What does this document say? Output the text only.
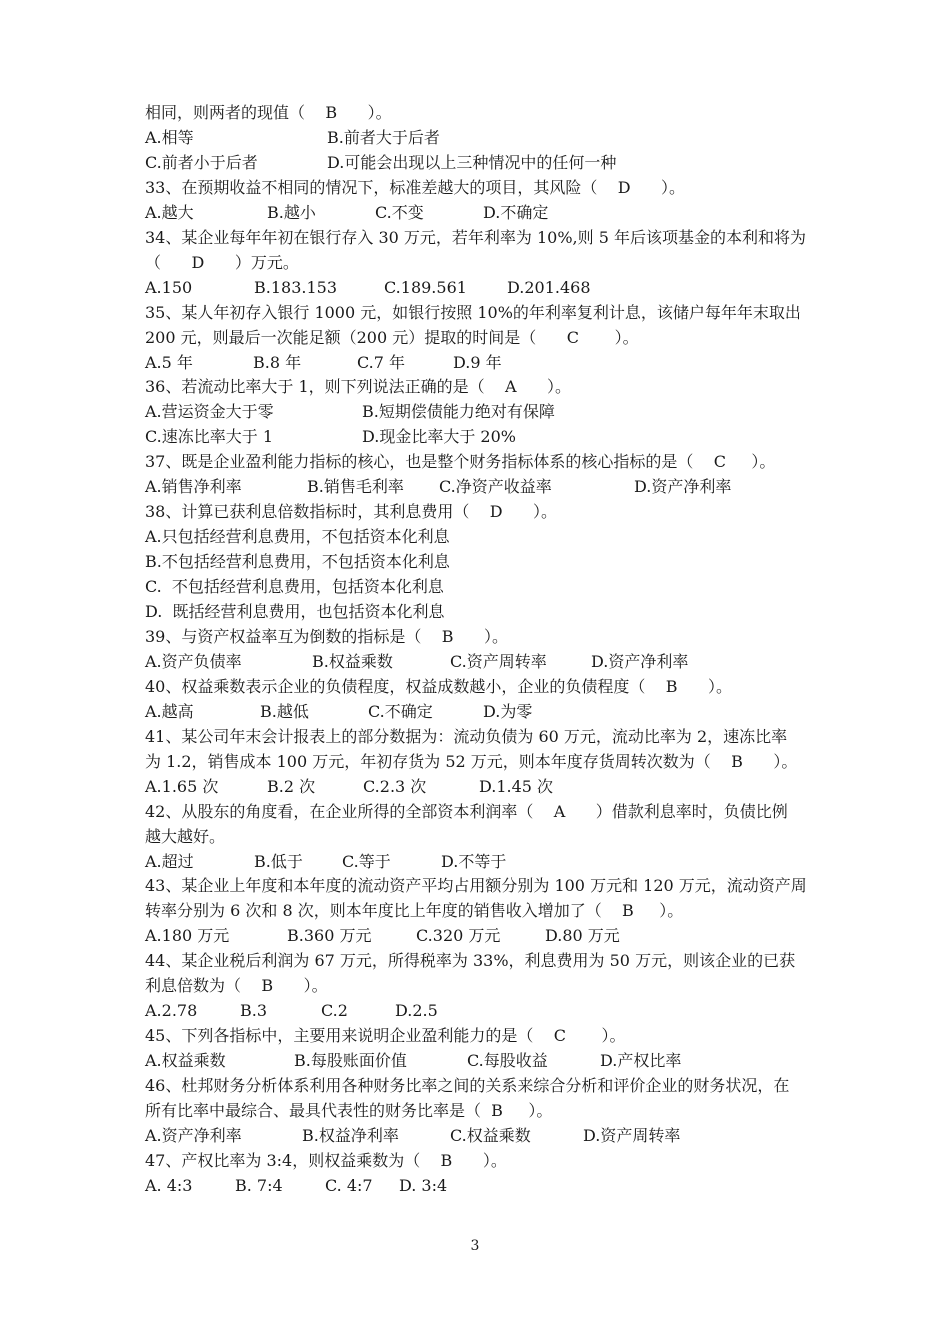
相同，则两者的现值（    B      ）。
A.相等	B.前者大于后者
C.前者小于后者	D.可能会出现以上三种情况中的任何一种
33、在预期收益不相同的情况下，标准差越大的项目，其风险（    D      ）。
A.越大	B.越小	C.不变	D.不确定
34、某企业每年年初在银行存入 30 万元，若年利率为 10%,则 5 年后该项基金的本利和将为
（      D      ）万元。
A.150	B.183.153	C.189.561	D.201.468
35、某人年初存入银行 1000 元，如银行按照 10%的年利率复利计息，该储户每年年末取出
200 元，则最后一次能足额（200 元）提取的时间是（      C       ）。
A.5 年	B.8 年	C.7 年	D.9 年
36、若流动比率大于 1，则下列说法正确的是（    A      ）。
A.营运资金大于零	B.短期偿债能力绝对有保障
C.速冻比率大于 1	D.现金比率大于 20%
37、既是企业盈利能力指标的核心，也是整个财务指标体系的核心指标的是（    C     ）。
A.销售净利率	B.销售毛利率 C.净资产收益率	D.资产净利率
38、计算已获利息倍数指标时，其利息费用（    D      ）。
A.只包括经营利息费用，不包括资本化利息
B.不包括经营利息费用，不包括资本化利息
C.  不包括经营利息费用，包括资本化利息
D.  既括经营利息费用，也包括资本化利息
39、与资产权益率互为倒数的指标是（    B      ）。
A.资产负债率	B.权益乘数	C.资产周转率	D.资产净利率
40、权益乘数表示企业的负债程度，权益成数越小，企业的负债程度（    B      ）。
A.越高	B.越低	C.不确定	D.为零
41、某公司年末会计报表上的部分数据为：流动负债为 60 万元，流动比率为 2，速冻比率
为 1.2，销售成本 100 万元，年初存货为 52 万元，则本年度存货周转次数为（    B      ）。
A.1.65 次	B.2 次	C.2.3 次	D.1.45 次
42、从股东的角度看，在企业所得的全部资本利润率（    A      ）借款利息率时，负债比例
越大越好。
A.超过	B.低于 C.等于	D.不等于
43、某企业上年度和本年度的流动资产平均占用额分别为 100 万元和 120 万元，流动资产周
转率分别为 6 次和 8 次，则本年度比上年度的销售收入增加了（    B     ）。
A.180 万元	B.360 万元	C.320 万元	D.80 万元
44、某企业税后利润为 67 万元，所得税率为 33%，利息费用为 50 万元，则该企业的已获
利息倍数为（    B      ）。
A.2.78	B.3	C.2	D.2.5
45、下列各指标中，主要用来说明企业盈利能力的是（    C       ）。
A.权益乘数	B.每股账面价值	C.每股收益	D.产权比率
46、杜邦财务分析体系利用各种财务比率之间的关系来综合分析和评价企业的财务状况，在
所有比率中最综合、最具代表性的财务比率是（  B     ）。
A.资产净利率	B.权益净利率	C.权益乘数	D.资产周转率
47、产权比率为 3:4，则权益乘数为（    B      ）。
A. 4:3	B. 7:4	C. 4:7 D. 3:4
3
